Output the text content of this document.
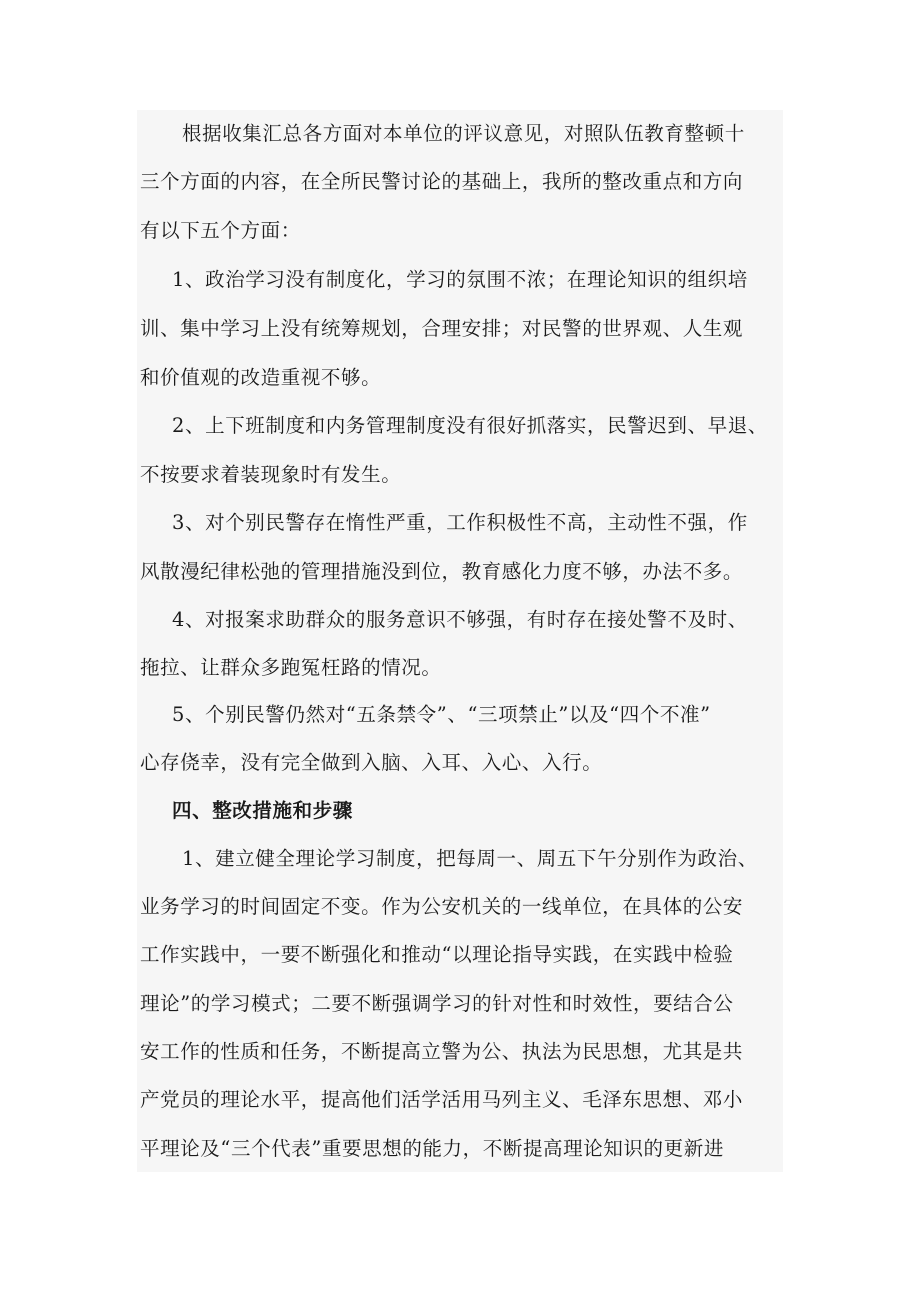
根据收集汇总各方面对本单位的评议意见，对照队伍教育整顿十
三个方面的内容，在全所民警讨论的基础上，我所的整改重点和方向
有以下五个方面：
1、政治学习没有制度化，学习的氛围不浓；在理论知识的组织培
训、集中学习上没有统筹规划，合理安排；对民警的世界观、人生观
和价值观的改造重视不够。
2、上下班制度和内务管理制度没有很好抓落实，民警迟到、早退、
不按要求着装现象时有发生。
3、对个别民警存在惰性严重，工作积极性不高，主动性不强，作
风散漫纪律松弛的管理措施没到位，教育感化力度不够，办法不多。
4、对报案求助群众的服务意识不够强，有时存在接处警不及时、
拖拉、让群众多跑冤枉路的情况。
5、个别民警仍然对“五条禁令”、“三项禁止”以及“四个不准”
心存侥幸，没有完全做到入脑、入耳、入心、入行。
四、整改措施和步骤
1、建立健全理论学习制度，把每周一、周五下午分别作为政治、
业务学习的时间固定不变。作为公安机关的一线单位，在具体的公安
工作实践中，一要不断强化和推动“以理论指导实践，在实践中检验
理论”的学习模式；二要不断强调学习的针对性和时效性，要结合公
安工作的性质和任务，不断提高立警为公、执法为民思想，尤其是共
产党员的理论水平，提高他们活学活用马列主义、毛泽东思想、邓小
平理论及“三个代表”重要思想的能力，不断提高理论知识的更新进
